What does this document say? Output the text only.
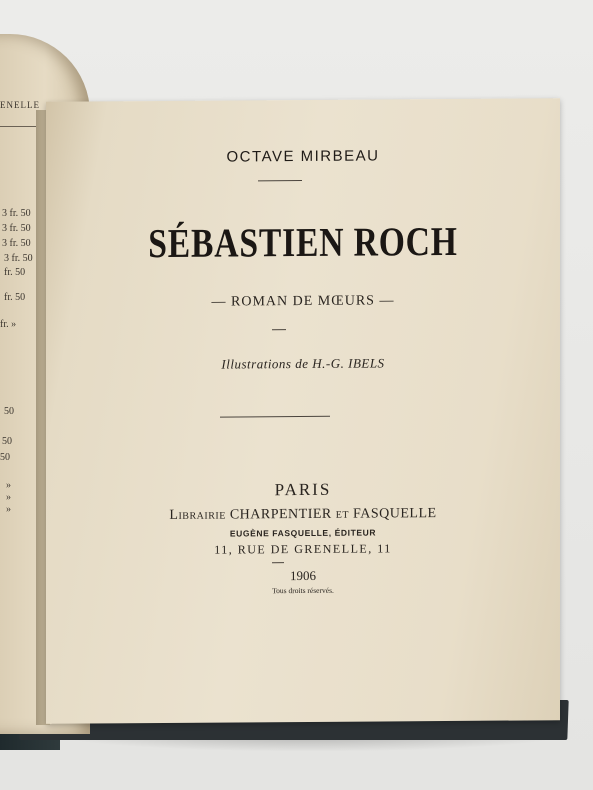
ENELLE
3 fr. 50
3 fr. 50
3 fr. 50
3 fr. 50
fr. 50
fr. 50
fr. »
50
50
50
»
»
»
OCTAVE MIRBEAU
SÉBASTIEN ROCH
— ROMAN DE MŒURS —
Illustrations de H.-G. IBELS
PARIS
Librairie CHARPENTIER et FASQUELLE
EUGÈNE FASQUELLE, ÉDITEUR
11, RUE DE GRENELLE, 11
1906
Tous droits réservés.
